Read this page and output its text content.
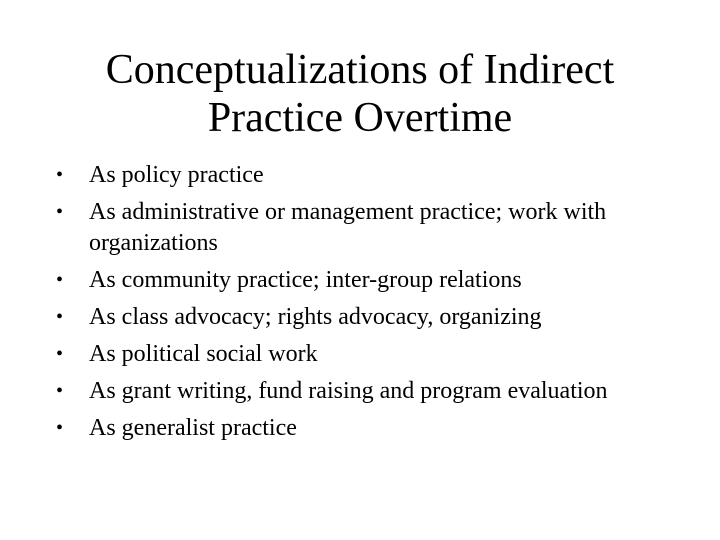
Conceptualizations of Indirect
Practice Overtime
• As policy practice
• As administrative or management practice; work with organizations
• As community practice; inter-group relations
• As class advocacy; rights advocacy, organizing
• As political social work
• As grant writing, fund raising and program evaluation
• As generalist practice
